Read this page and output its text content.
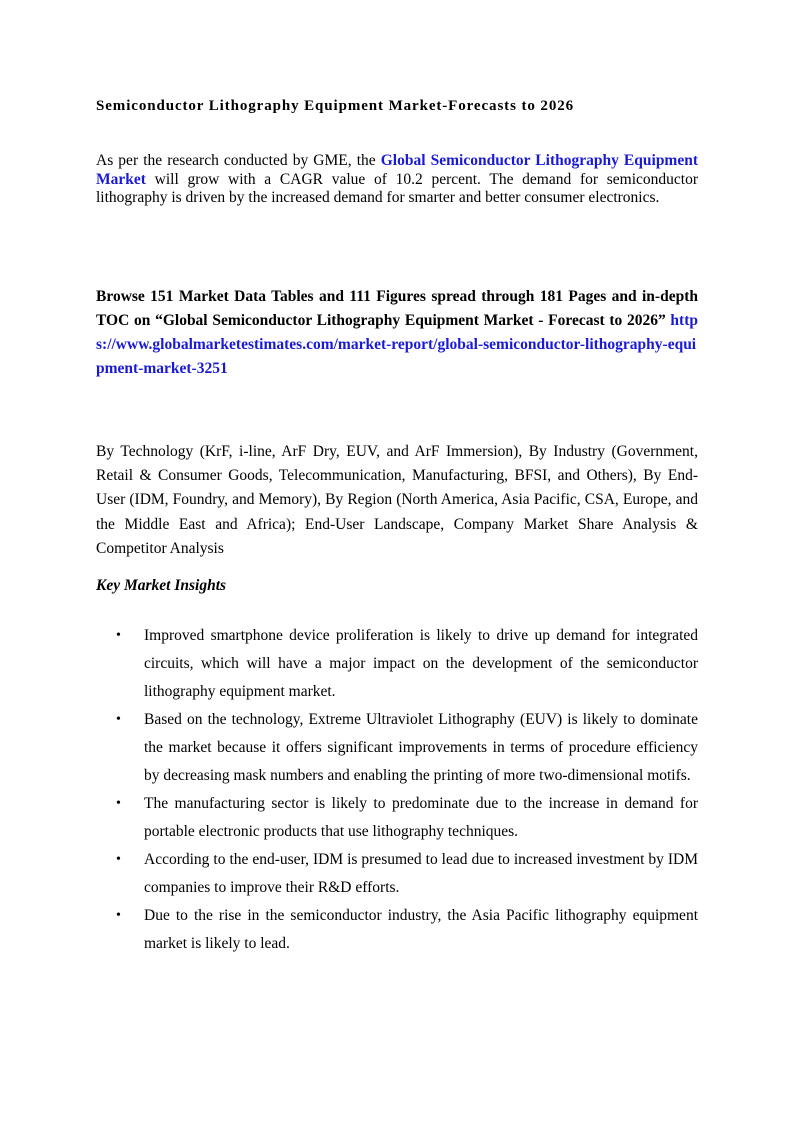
Semiconductor Lithography Equipment Market-Forecasts to 2026

As per the research conducted by GME, the Global Semiconductor Lithography Equipment Market will grow with a CAGR value of 10.2 percent. The demand for semiconductor lithography is driven by the increased demand for smarter and better consumer electronics.

Browse 151 Market Data Tables and 111 Figures spread through 181 Pages and in-depth TOC on “Global Semiconductor Lithography Equipment Market - Forecast to 2026” https://www.globalmarketestimates.com/market-report/global-semiconductor-lithography-equipment-market-3251

By Technology (KrF, i-line, ArF Dry, EUV, and ArF Immersion), By Industry (Government, Retail & Consumer Goods, Telecommunication, Manufacturing, BFSI, and Others), By End-User (IDM, Foundry, and Memory), By Region (North America, Asia Pacific, CSA, Europe, and the Middle East and Africa); End-User Landscape, Company Market Share Analysis & Competitor Analysis

Key Market Insights

•	Improved smartphone device proliferation is likely to drive up demand for integrated circuits, which will have a major impact on the development of the semiconductor lithography equipment market.
•	Based on the technology, Extreme Ultraviolet Lithography (EUV) is likely to dominate the market because it offers significant improvements in terms of procedure efficiency by decreasing mask numbers and enabling the printing of more two-dimensional motifs.
•	The manufacturing sector is likely to predominate due to the increase in demand for portable electronic products that use lithography techniques.
•	According to the end-user, IDM is presumed to lead due to increased investment by IDM companies to improve their R&D efforts.
•	Due to the rise in the semiconductor industry, the Asia Pacific lithography equipment market is likely to lead.
